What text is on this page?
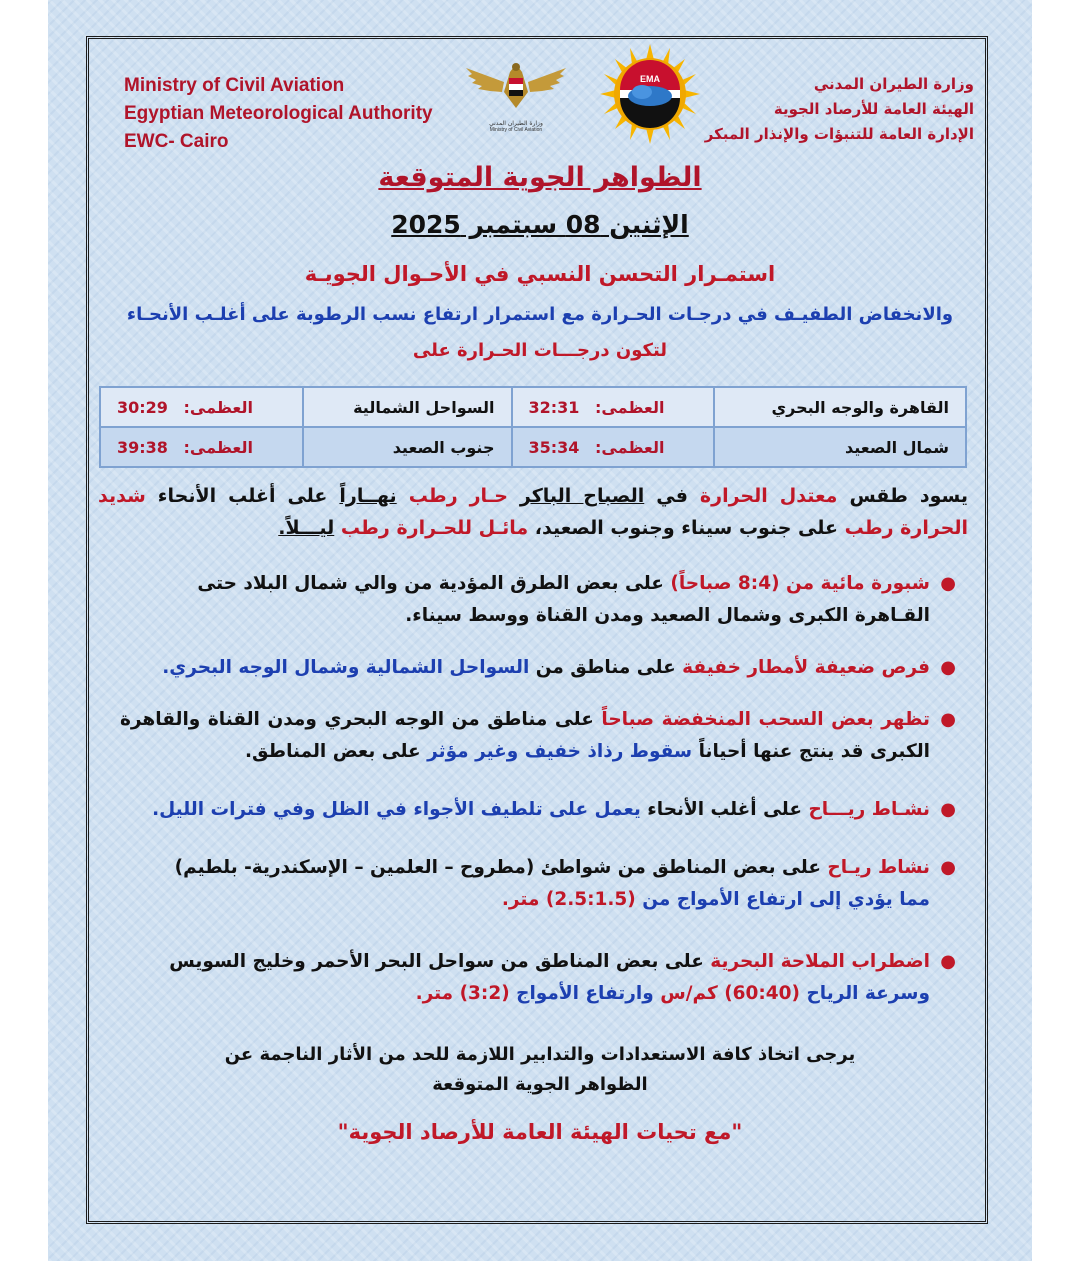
Ministry of Civil Aviation
Egyptian Meteorological Authority
EWC- Cairo
وزارة الطيران المدني
Ministry of Civil Aviation
EMA	وزارة الطيران المدني
الهيئة العامة للأرصاد الجوية
الإدارة العامة للتنبؤات والإنذار المبكر
الظواهر الجوية المتوقعة
الإثنين 08 سبتمبر 2025
استمـرار التحسن النسبي في الأحـوال الجويـة
والانخفاض الطفيـف في درجـات الحـرارة مع استمرار ارتفاع نسب الرطوبة على أغلـب الأنحـاء
لتكون درجـــات الحـرارة على
القاهرة والوجه البحري	العظمى: 32:31	السواحل الشمالية	العظمى: 30:29
شمال الصعيد	العظمى: 35:34	جنوب الصعيد	العظمى: 39:38
يسود طقس معتدل الحرارة في الصباح الباكر حـار رطب نهــاراً على أغلب الأنحاء شديد الحرارة رطب على جنوب سيناء وجنوب الصعيد، مائـل للحـرارة رطب ليـــلاً.
●
شبورة مائية من (8:4 صباحاً) على بعض الطرق المؤدية من والي شمال البلاد حتى القـاهرة الكبرى وشمال الصعيد ومدن القناة ووسط سيناء.
●
فرص ضعيفة لأمطار خفيفة على مناطق من السواحل الشمالية وشمال الوجه البحري.
●
تظهر بعض السحب المنخفضة صباحاً على مناطق من الوجه البحري ومدن القناة والقاهرة الكبرى قد ينتج عنها أحياناً سقوط رذاذ خفيف وغير مؤثر على بعض المناطق.
●
نشـاط ريـــاح على أغلب الأنحاء يعمل على تلطيف الأجواء في الظل وفي فترات الليل.
●
نشاط ريـاح على بعض المناطق من شواطئ (مطروح – العلمين – الإسكندرية- بلطيم)
مما يؤدي إلى ارتفاع الأمواج من (2.5:1.5) متر.
●
اضطراب الملاحة البحرية على بعض المناطق من سواحل البحر الأحمر وخليج السويس
وسرعة الرياح (60:40) كم/س وارتفاع الأمواج (3:2) متر.
يرجى اتخاذ كافة الاستعدادات والتدابير اللازمة للحد من الأثار الناجمة عن
الظواهر الجوية المتوقعة
"مع تحيات الهيئة العامة للأرصاد الجوية"
